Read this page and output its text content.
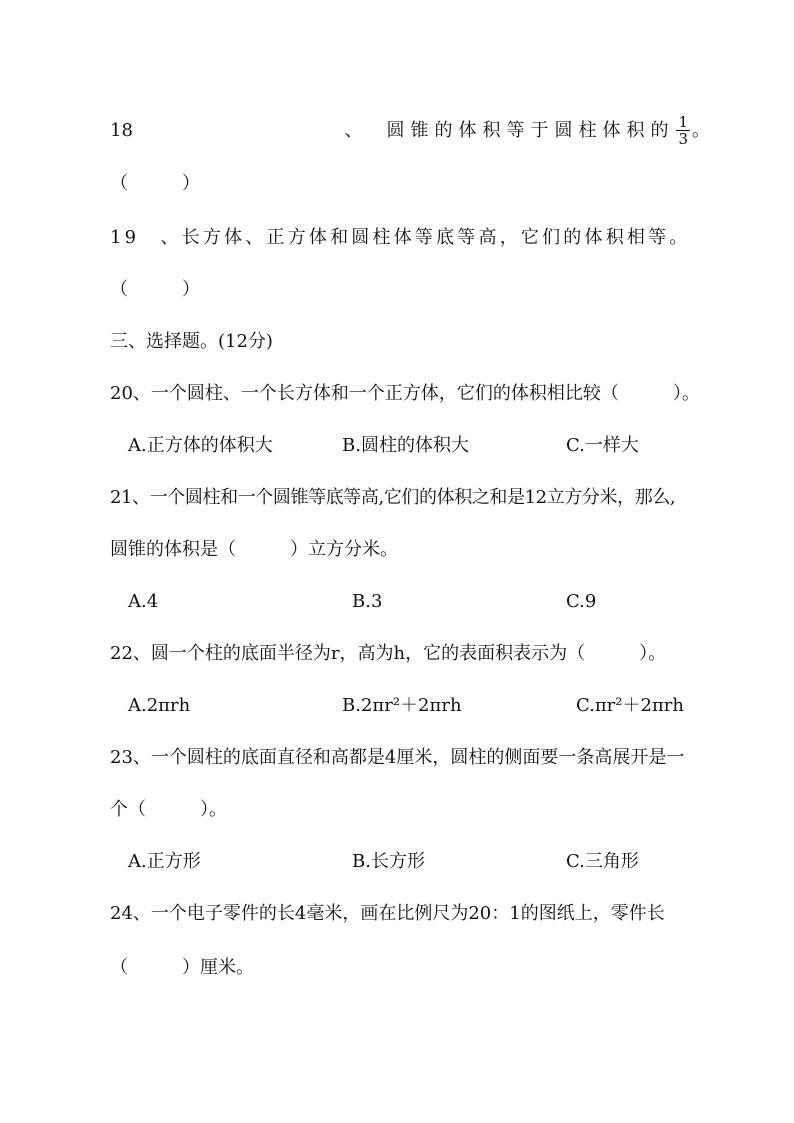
18	、 圆锥的体积等于圆柱体积的 $\frac{1}{3}$ 。
（　　　）
19　、长方体、正方体和圆柱体等底等高，它们的体积相等。
（　　　）
三、选择题。(12分)
20、一个圆柱、一个长方体和一个正方体，它们的体积相比较（　　　）。
A.正方体的体积大	B.圆柱的体积大	C.一样大
21、一个圆柱和一个圆锥等底等高,它们的体积之和是12立方分米，那么,
圆锥的体积是（　　　）立方分米。
A.4	B.3	C.9
22、圆一个柱的底面半径为r，高为h，它的表面积表示为（　　　）。
A.2πrh	B.2πr²＋2πrh	C.πr²＋2πrh
23、一个圆柱的底面直径和高都是4厘米，圆柱的侧面要一条高展开是一
个（　　　）。
A.正方形	B.长方形	C.三角形
24、一个电子零件的长4毫米，画在比例尺为20：1的图纸上，零件长
（　　　）厘米。
